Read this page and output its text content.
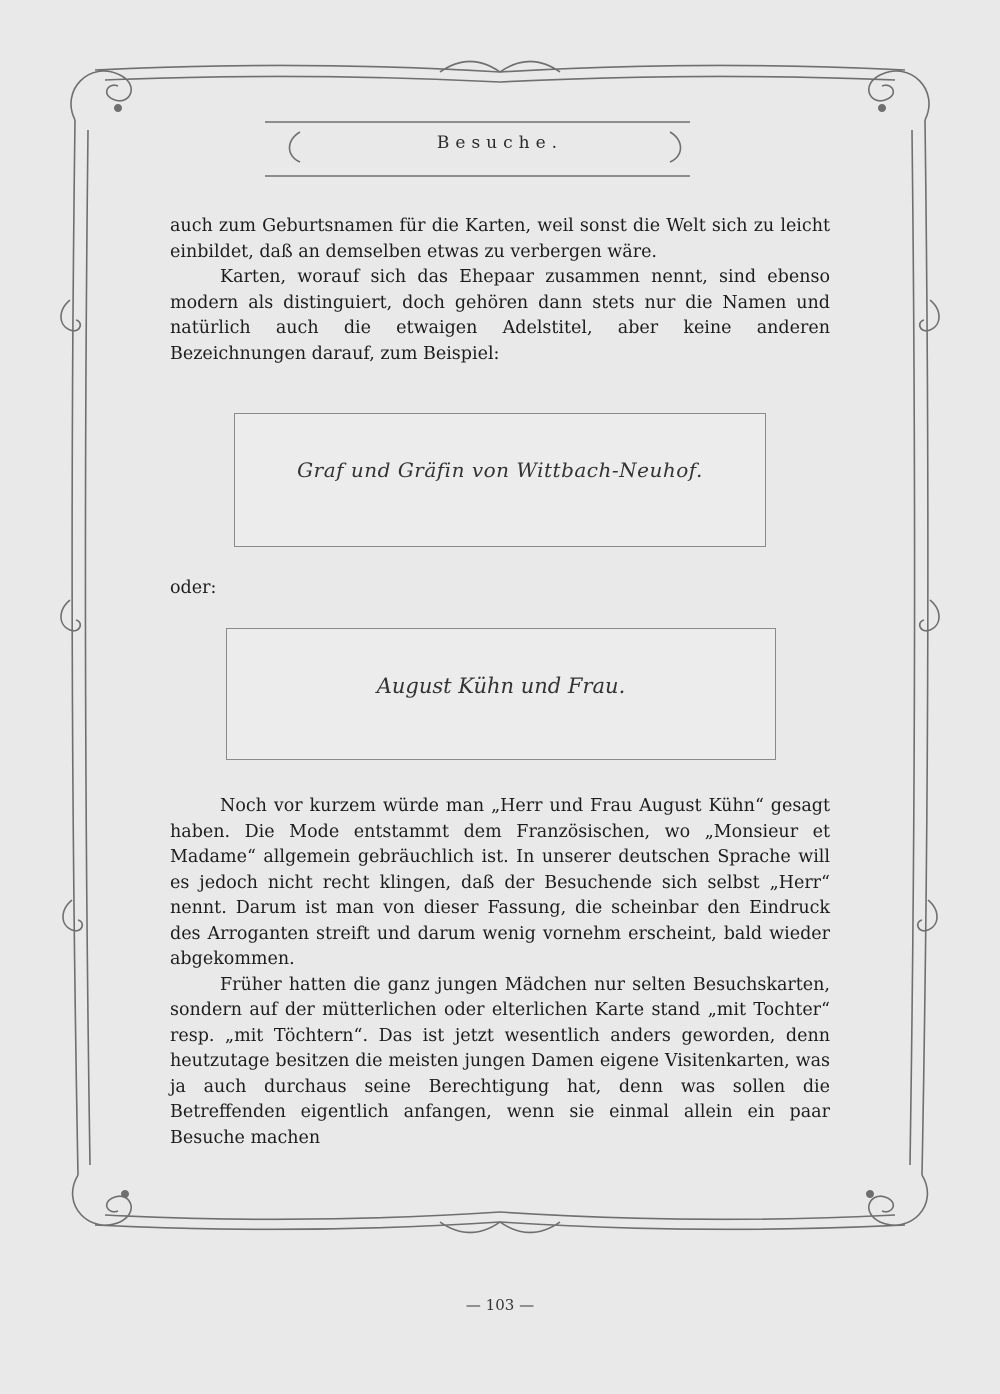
Besuche.
auch zum Geburtsnamen für die Karten, weil sonst die Welt sich zu leicht einbildet, daß an demselben etwas zu verbergen wäre.
Karten, worauf sich das Ehepaar zusammen nennt, sind ebenso modern als distinguiert, doch gehören dann stets nur die Namen und natürlich auch die etwaigen Adelstitel, aber keine anderen Bezeichnungen darauf, zum Beispiel:
Graf und Gräfin von Wittbach-Neuhof.
oder:
August Kühn und Frau.
Noch vor kurzem würde man „Herr und Frau August Kühn“ gesagt haben. Die Mode entstammt dem Französischen, wo „Monsieur et Madame“ allgemein gebräuchlich ist. In unserer deutschen Sprache will es jedoch nicht recht klingen, daß der Besuchende sich selbst „Herr“ nennt. Darum ist man von dieser Fassung, die scheinbar den Eindruck des Arroganten streift und darum wenig vornehm erscheint, bald wieder abgekommen.
Früher hatten die ganz jungen Mädchen nur selten Besuchskarten, sondern auf der mütterlichen oder elterlichen Karte stand „mit Tochter“ resp. „mit Töchtern“. Das ist jetzt wesentlich anders geworden, denn heutzutage besitzen die meisten jungen Damen eigene Visitenkarten, was ja auch durchaus seine Berechtigung hat, denn was sollen die Betreffenden eigentlich anfangen, wenn sie einmal allein ein paar Besuche machen
— 103 —
